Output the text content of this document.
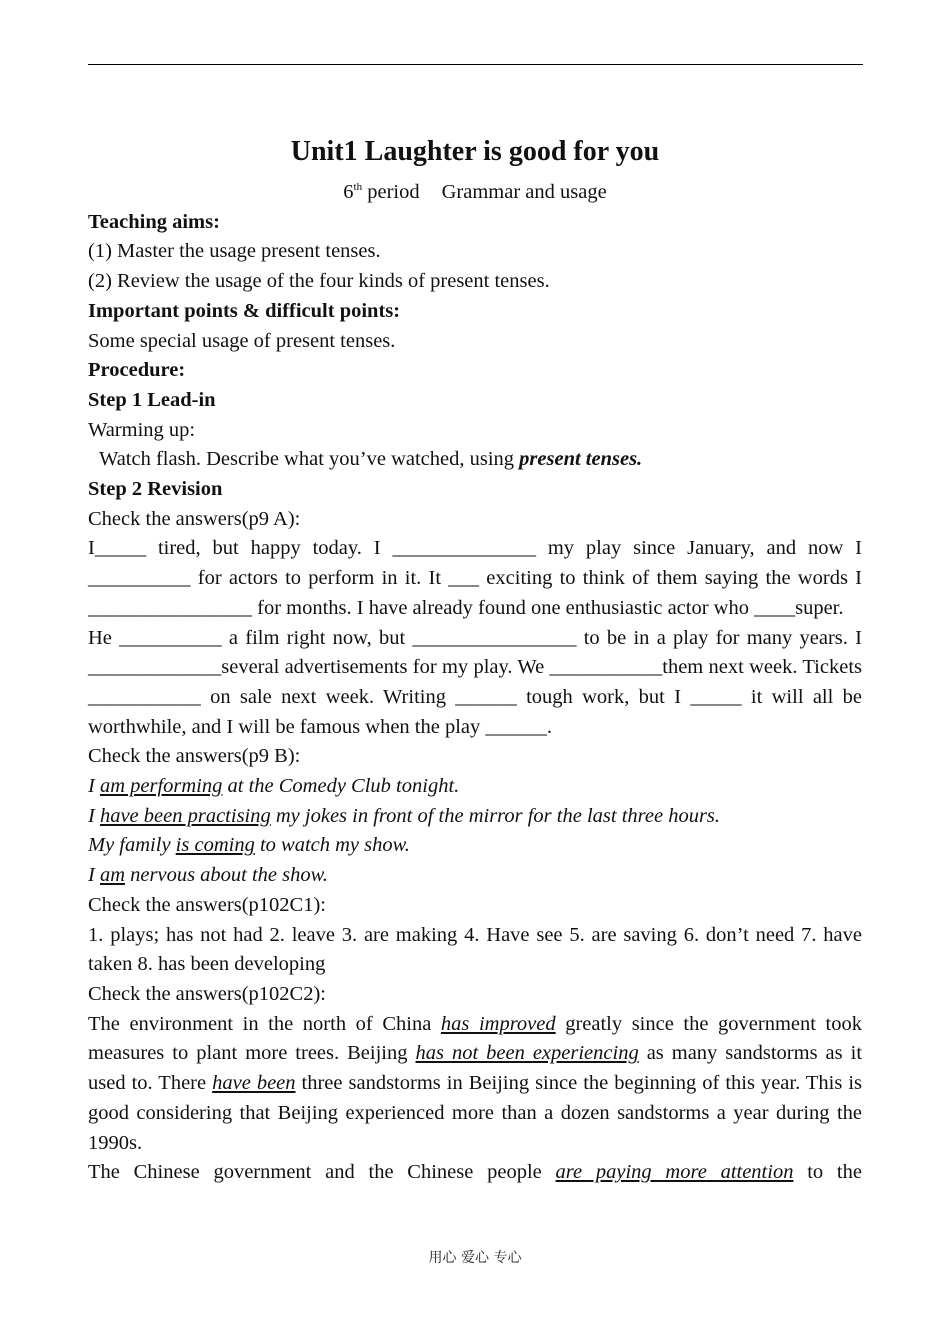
Unit1 Laughter is good for you

6th period Grammar and usage

Teaching aims:

(1) Master the usage present tenses.

(2) Review the usage of the four kinds of present tenses.

Important points & difficult points:

Some special usage of present tenses.

Procedure:

Step 1 Lead-in

Warming up:

Watch flash. Describe what you’ve watched, using present tenses.

Step 2 Revision

Check the answers(p9 A):

I_____ tired, but happy today. I ______________ my play since January, and now I __________ for actors to perform in it. It ___ exciting to think of them saying the words I ________________ for months. I have already found one enthusiastic actor who ____super.

He __________ a film right now, but ________________ to be in a play for many years. I _____________several advertisements for my play. We ___________them next week. Tickets ___________ on sale next week. Writing ______ tough work, but I _____ it will all be worthwhile, and I will be famous when the play ______.

Check the answers(p9 B):

I am performing at the Comedy Club tonight.

I have been practising my jokes in front of the mirror for the last three hours.

My family is coming to watch my show.

I am nervous about the show.

Check the answers(p102C1):

1. plays; has not had 2. leave 3. are making 4. Have see 5. are saving 6. don’t need 7. have taken 8. has been developing

Check the answers(p102C2):

The environment in the north of China has improved greatly since the government took measures to plant more trees. Beijing has not been experiencing as many sandstorms as it used to. There have been three sandstorms in Beijing since the beginning of this year. This is good considering that Beijing experienced more than a dozen sandstorms a year during the 1990s.

The Chinese government and the Chinese people are paying more attention to the

用心 爱心 专心
